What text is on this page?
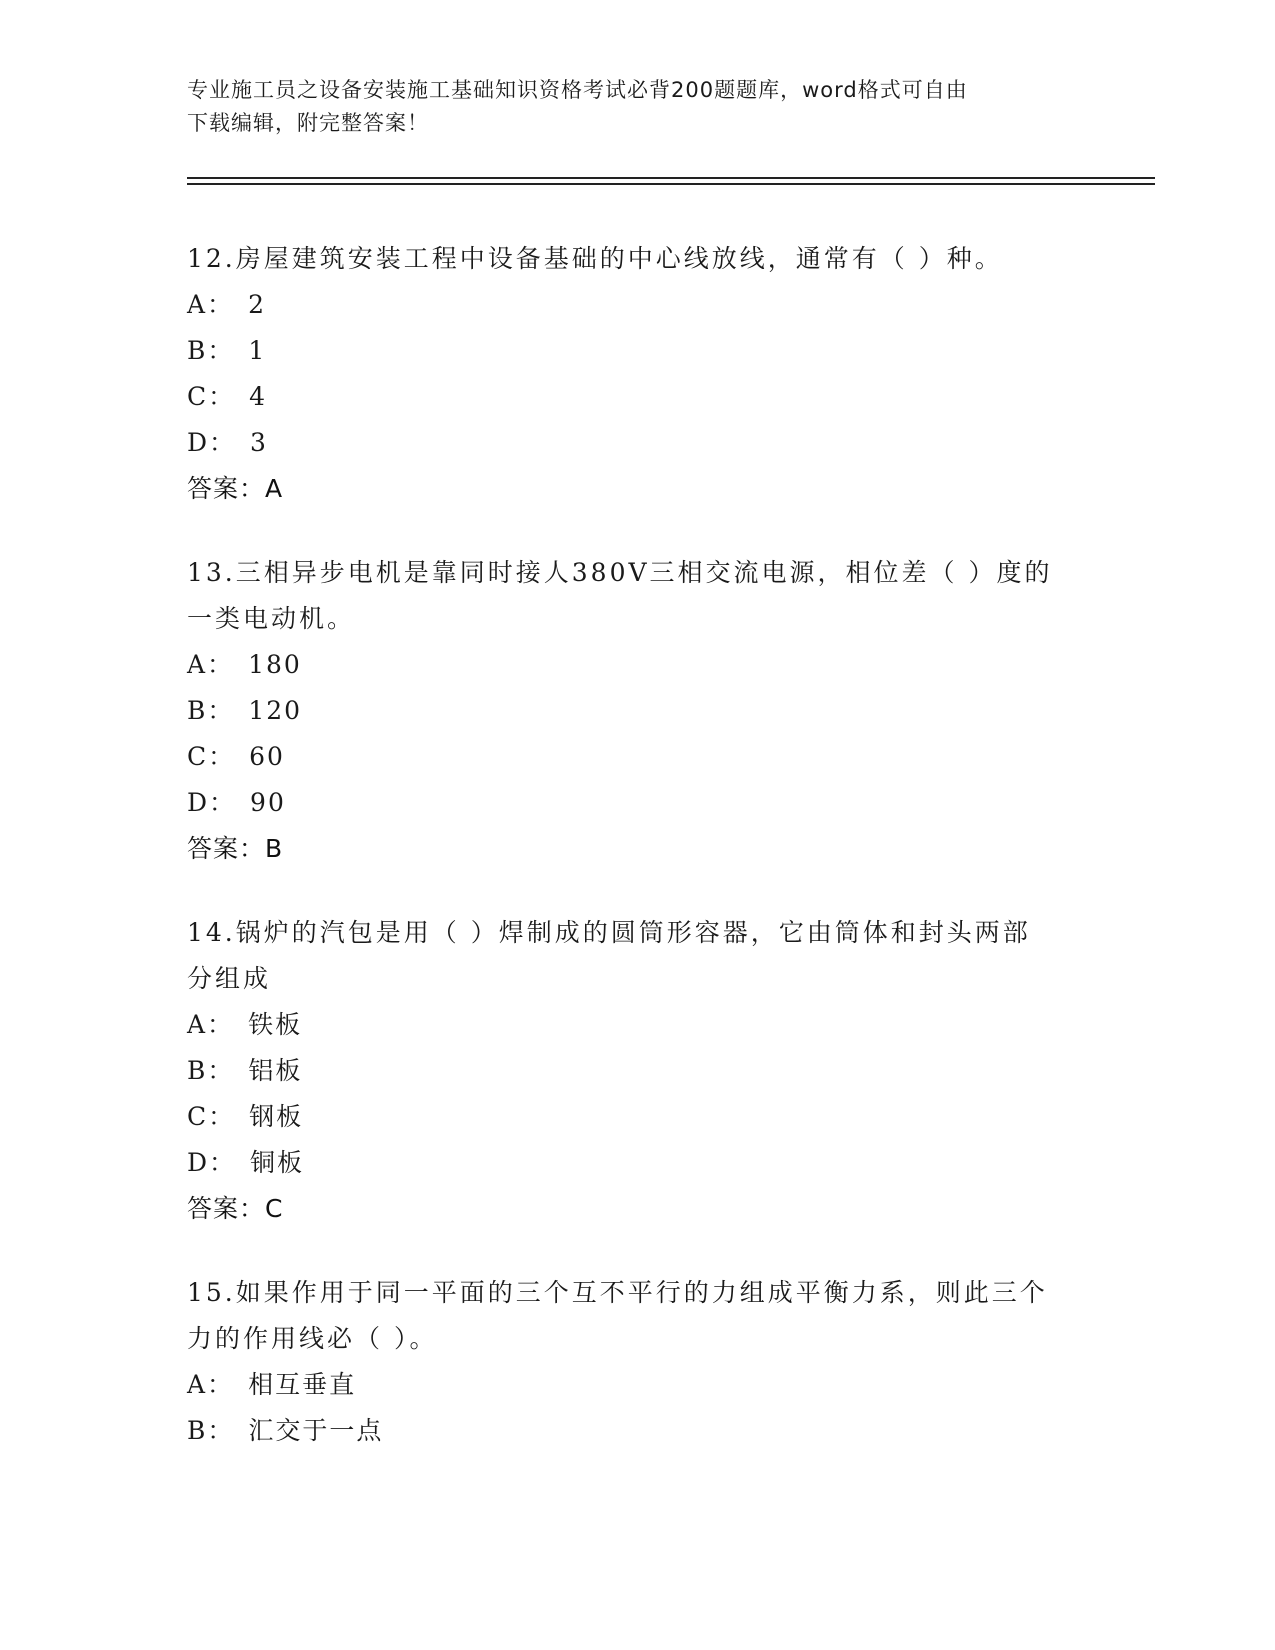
专业施工员之设备安装施工基础知识资格考试必背200题题库，word格式可自由
下载编辑，附完整答案！
12.房屋建筑安装工程中设备基础的中心线放线，通常有（ ）种。
A： 2
B： 1
C： 4
D： 3
答案：A
13.三相异步电机是靠同时接人380V三相交流电源，相位差（ ）度的
一类电动机。
A： 180
B： 120
C： 60
D： 90
答案：B
14.锅炉的汽包是用（ ）焊制成的圆筒形容器，它由筒体和封头两部
分组成
A： 铁板
B： 铝板
C： 钢板
D： 铜板
答案：C
15.如果作用于同一平面的三个互不平行的力组成平衡力系，则此三个
力的作用线必（ ）。
A： 相互垂直
B： 汇交于一点
